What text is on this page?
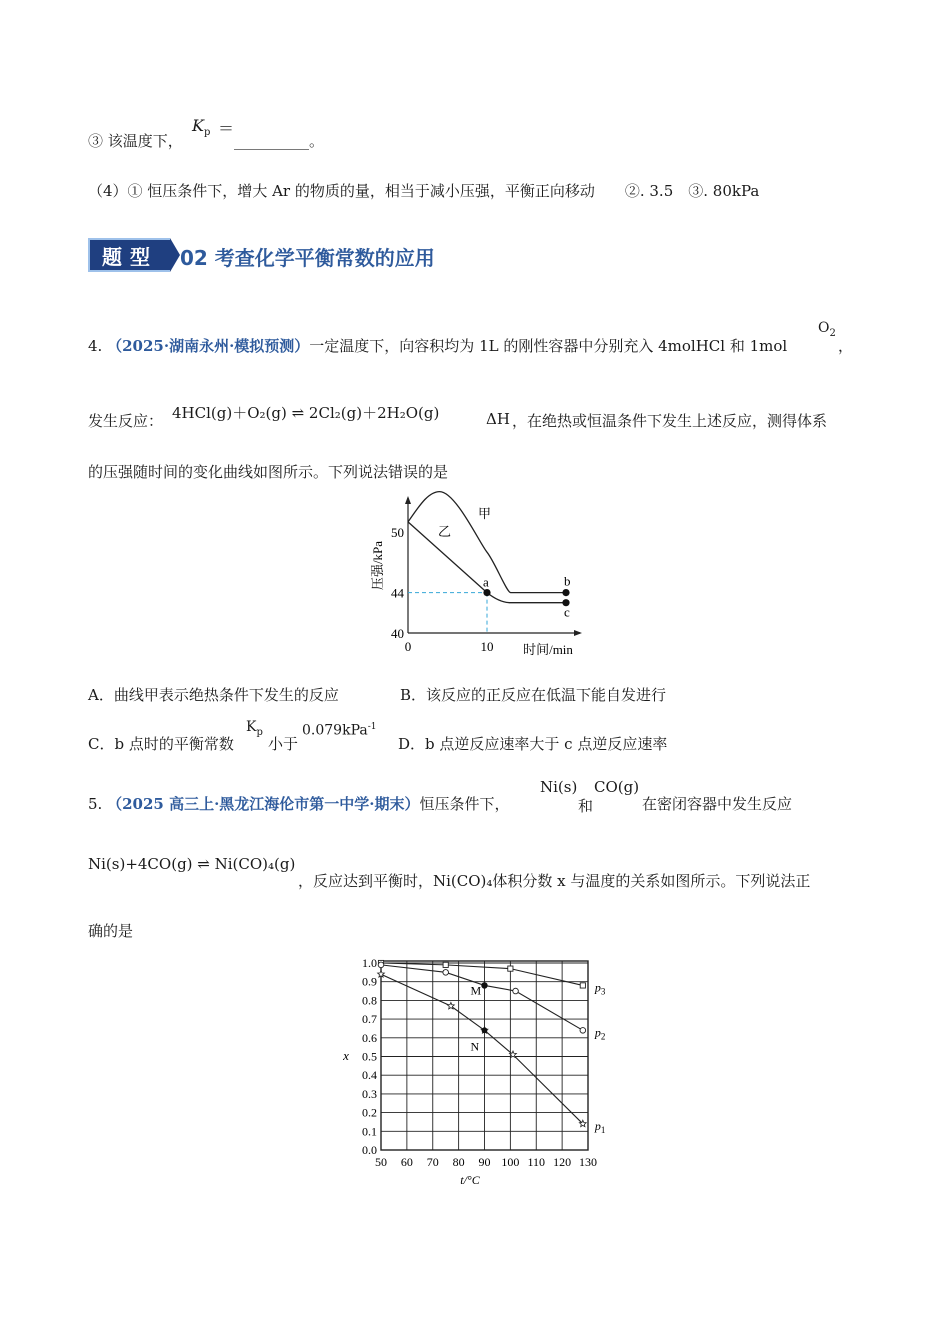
③ 该温度下，
$K_p$ ＝
__________。
（4）① 恒压条件下，增大 Ar 的物质的量，相当于减小压强，平衡正向移动　　②. 3.5　③. 80kPa
题型 02 考查化学平衡常数的应用
4. （2025·湖南永州·模拟预测）一定温度下，向容积均为 1L 的刚性容器中分别充入 4molHCl 和 1mol
$O_2$
，
发生反应： 4HCl(g)＋O₂(g) ⇌ 2Cl₂(g)＋2H₂O(g)	ΔH ，在绝热或恒温条件下发生上述反应，测得体系
的压强随时间的变化曲线如图所示。下列说法错误的是
40
44
50
0	10 时间/min
压强/kPa
甲
乙
a	b
c
A．曲线甲表示绝热条件下发生的反应	B．该反应的正反应在低温下能自发进行
C．b 点时的平衡常数
$K_p$
小于
0.079kPa$^{-1}$
D．b 点逆反应速率大于 c 点逆反应速率
5. （2025 高三上·黑龙江海伦市第一中学·期末）恒压条件下，
Ni(s)
和
CO(g)
在密闭容器中发生反应
Ni(s)+4CO(g) ⇌ Ni(CO)₄(g)
，反应达到平衡时，Ni(CO)₄体积分数 x 与温度的关系如图所示。下列说法正
确的是
0.0
0.1
0.2
0.3
0.4
0.5
0.6
0.7
0.8
0.9
1.0
50 60 70 80 90 100 110 120 130
t/°C
x
$p_3$
$p_2$
$p_1$
M
N
